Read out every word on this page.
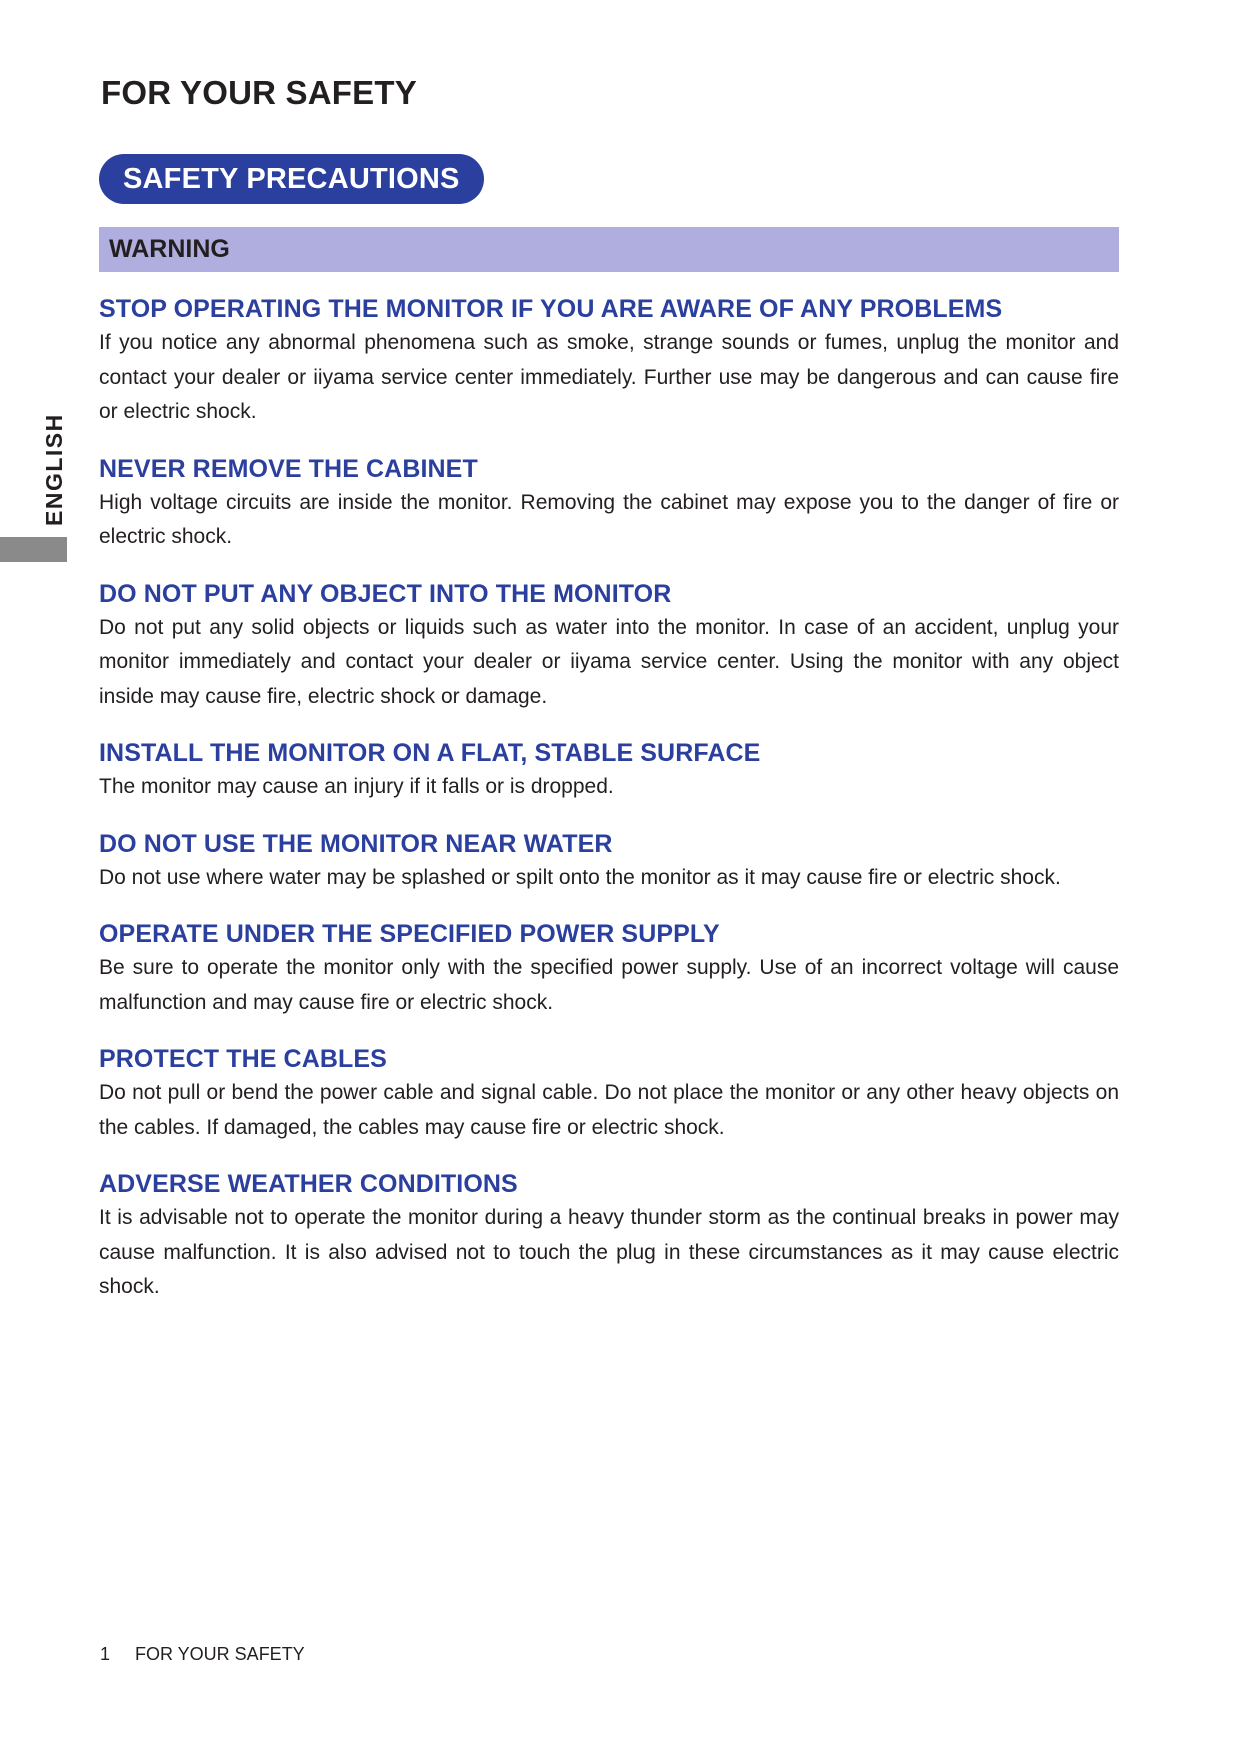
FOR YOUR SAFETY
SAFETY PRECAUTIONS
WARNING
ENGLISH
STOP OPERATING THE MONITOR IF YOU ARE AWARE OF ANY PROBLEMS

If you notice any abnormal phenomena such as smoke, strange sounds or fumes, unplug the monitor and contact your dealer or iiyama service center immediately. Further use may be dangerous and can cause fire or electric shock.

NEVER REMOVE THE CABINET

High voltage circuits are inside the monitor. Removing the cabinet may expose you to the danger of fire or electric shock.

DO NOT PUT ANY OBJECT INTO THE MONITOR

Do not put any solid objects or liquids such as water into the monitor. In case of an accident, unplug your monitor immediately and contact your dealer or iiyama service center. Using the monitor with any object inside may cause fire, electric shock or damage.

INSTALL THE MONITOR ON A FLAT, STABLE SURFACE

The monitor may cause an injury if it falls or is dropped.

DO NOT USE THE MONITOR NEAR WATER

Do not use where water may be splashed or spilt onto the monitor as it may cause fire or electric shock.

OPERATE UNDER THE SPECIFIED POWER SUPPLY

Be sure to operate the monitor only with the specified power supply. Use of an incorrect voltage will cause malfunction and may cause fire or electric shock.

PROTECT THE CABLES

Do not pull or bend the power cable and signal cable. Do not place the monitor or any other heavy objects on the cables. If damaged, the cables may cause fire or electric shock.

ADVERSE WEATHER CONDITIONS

It is advisable not to operate the monitor during a heavy thunder storm as the continual breaks in power may cause malfunction. It is also advised not to touch the plug in these circumstances as it may cause electric shock.

1 FOR YOUR SAFETY
